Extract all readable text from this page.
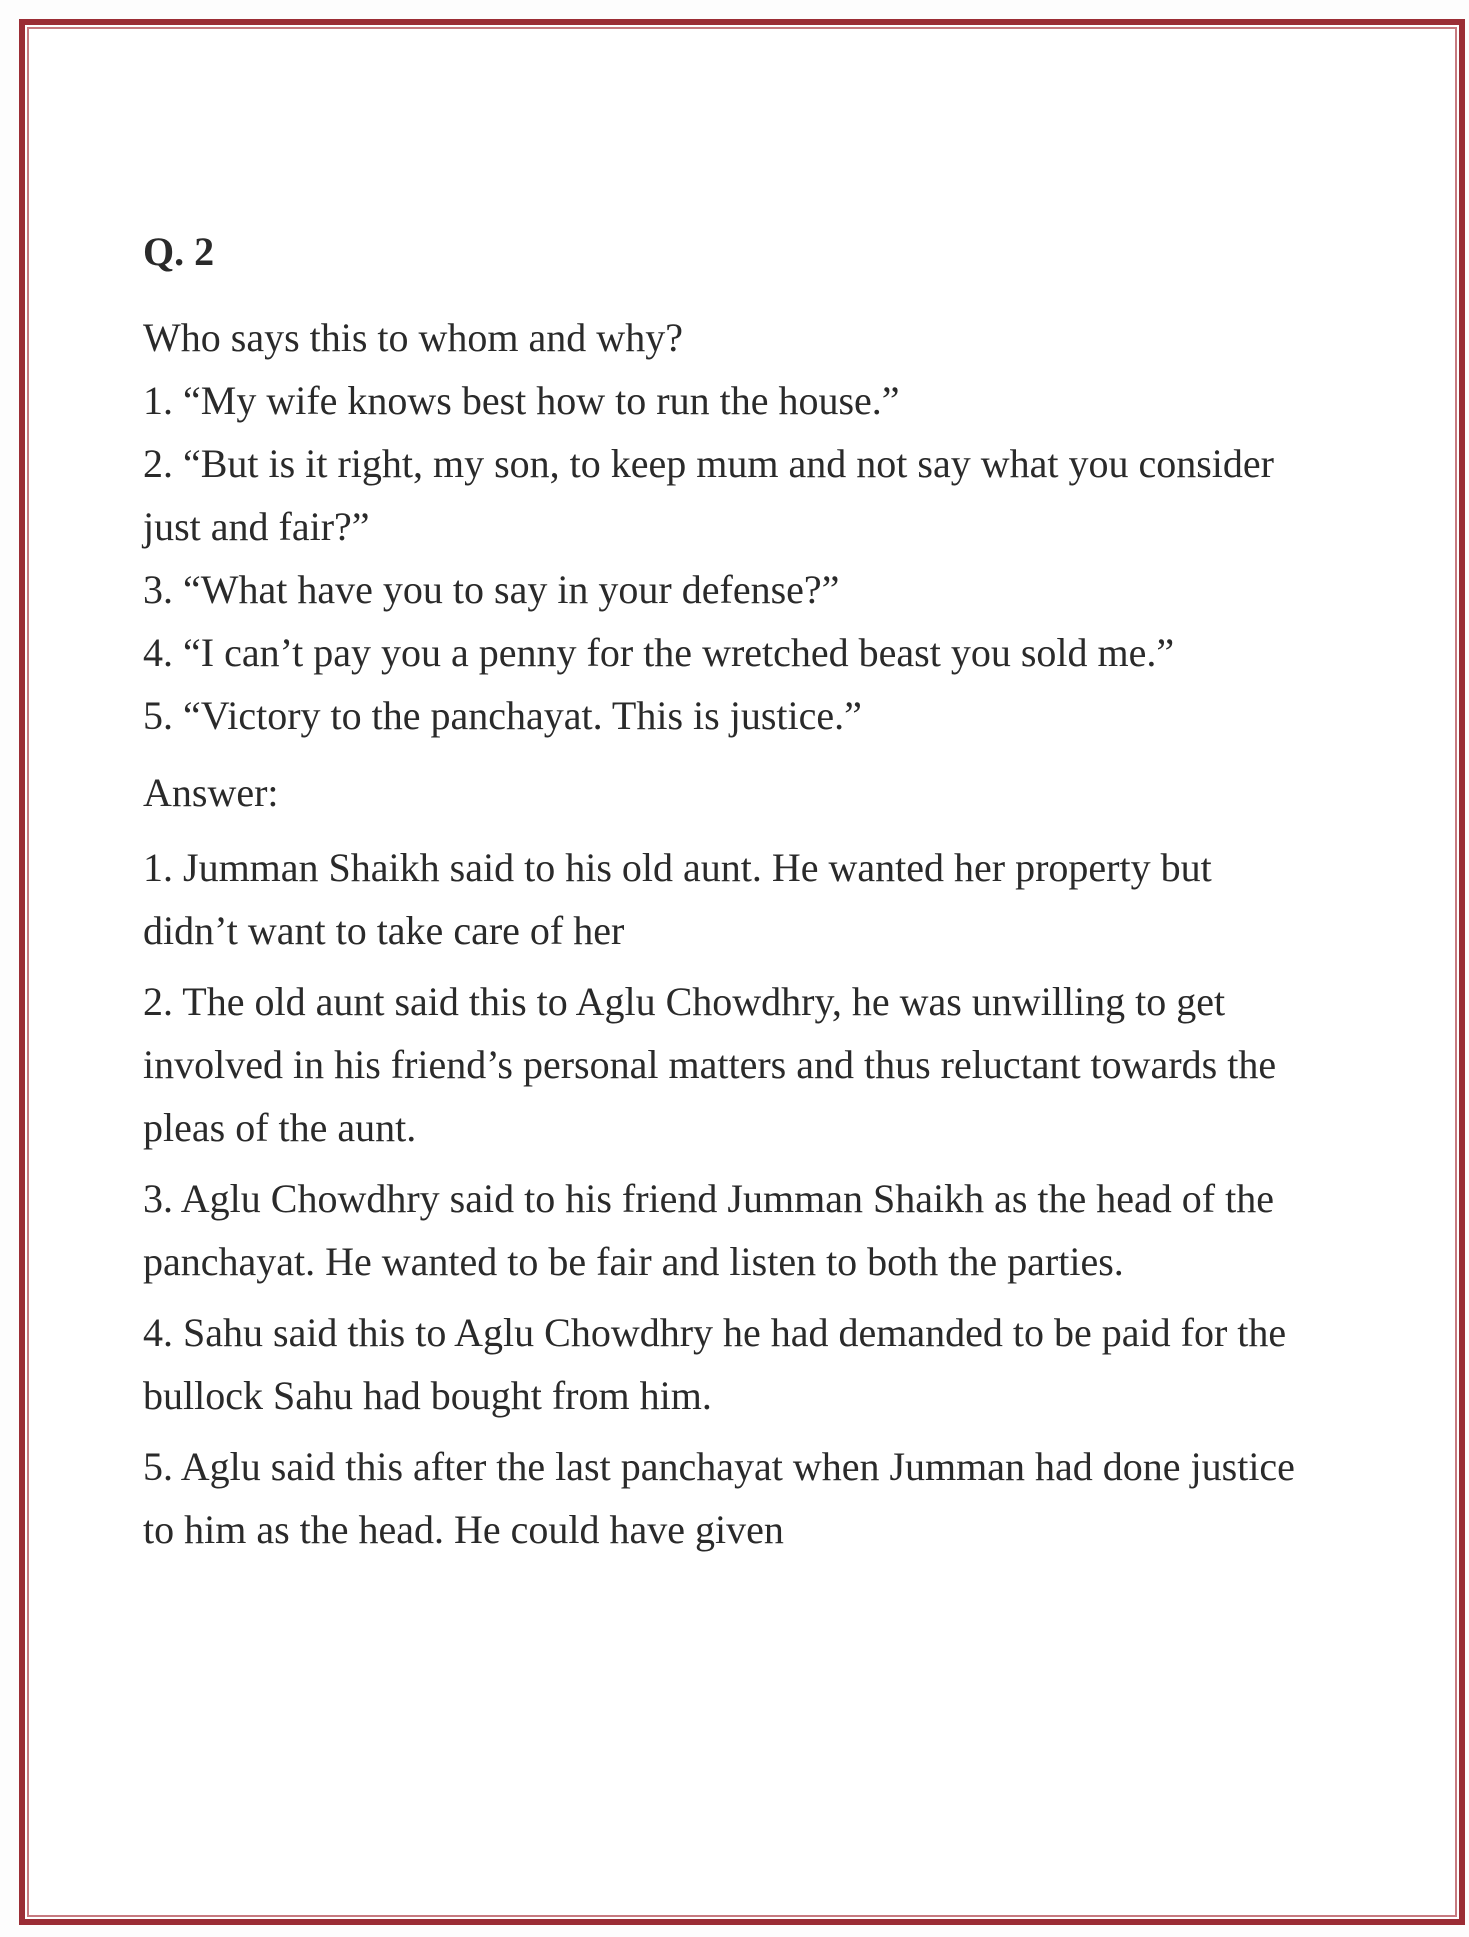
Q. 2

Who says this to whom and why?

1. “My wife knows best how to run the house.”

2. “But is it right, my son, to keep mum and not say what you consider just and fair?”

3. “What have you to say in your defense?”

4. “I can’t pay you a penny for the wretched beast you sold me.”

5. “Victory to the panchayat. This is justice.”

Answer:

1. Jumman Shaikh said to his old aunt. He wanted her property but didn’t want to take care of her

2. The old aunt said this to Aglu Chowdhry, he was unwilling to get involved in his friend’s personal matters and thus reluctant towards the pleas of the aunt.

3. Aglu Chowdhry said to his friend Jumman Shaikh as the head of the panchayat. He wanted to be fair and listen to both the parties.

4. Sahu said this to Aglu Chowdhry he had demanded to be paid for the bullock Sahu had bought from him.

5. Aglu said this after the last panchayat when Jumman had done justice to him as the head. He could have given
